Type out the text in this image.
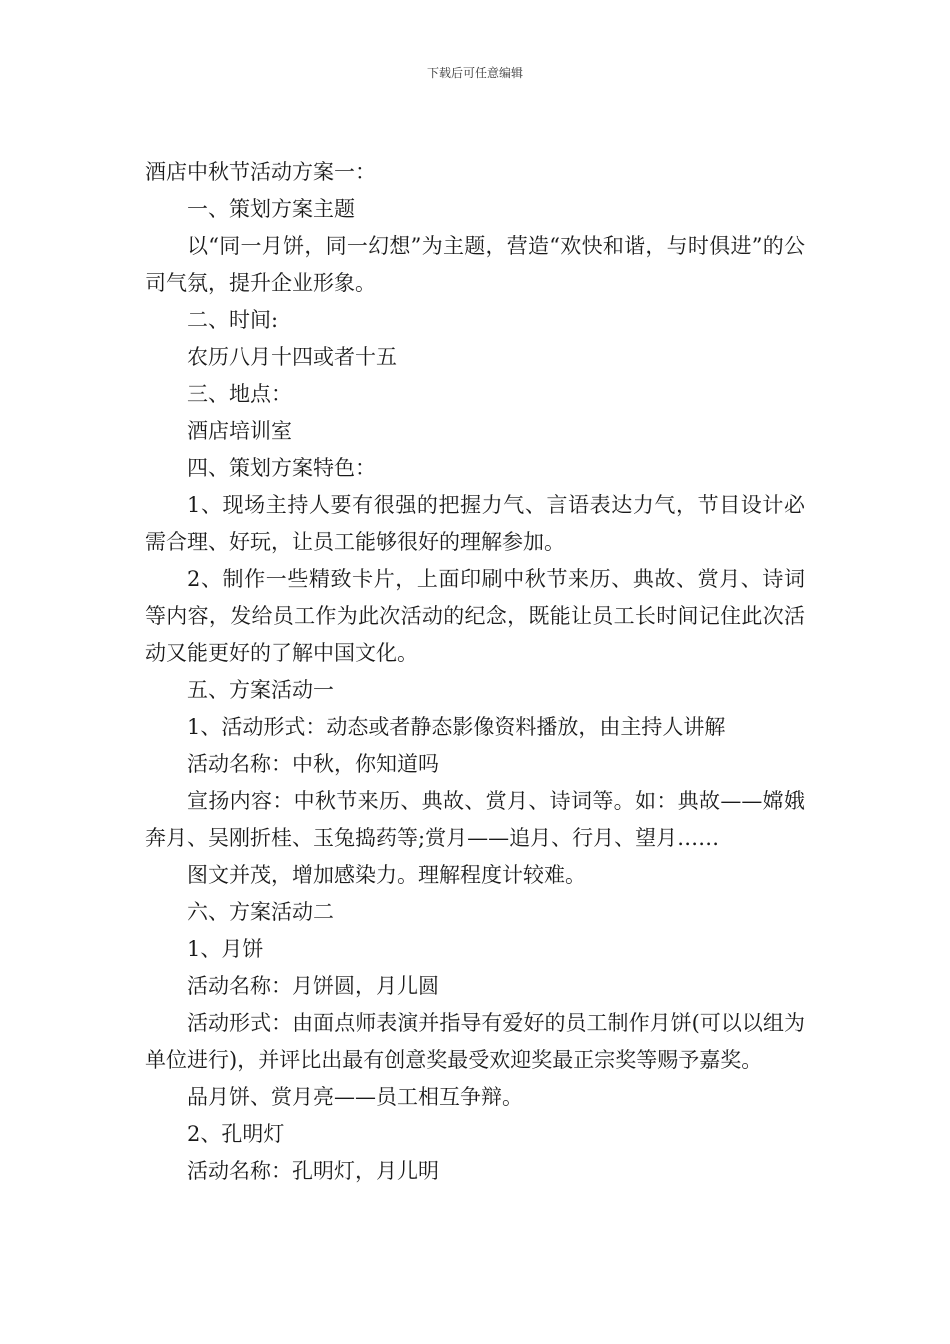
下载后可任意编辑

酒店中秋节活动方案一：

一、策划方案主题

以“同一月饼，同一幻想”为主题，营造“欢快和谐，与时俱进”的公司气氛，提升企业形象。

二、时间:

农历八月十四或者十五

三、地点：

酒店培训室

四、策划方案特色：

1、现场主持人要有很强的把握力气、言语表达力气，节目设计必需合理、好玩，让员工能够很好的理解参加。

2、制作一些精致卡片，上面印刷中秋节来历、典故、赏月、诗词等内容，发给员工作为此次活动的纪念，既能让员工长时间记住此次活动又能更好的了解中国文化。

五、方案活动一

1、活动形式：动态或者静态影像资料播放，由主持人讲解

活动名称：中秋，你知道吗

宣扬内容：中秋节来历、典故、赏月、诗词等。如：典故——嫦娥奔月、吴刚折桂、玉兔捣药等;赏月——追月、行月、望月……

图文并茂，增加感染力。理解程度计较难。

六、方案活动二

1、月饼

活动名称：月饼圆，月儿圆

活动形式：由面点师表演并指导有爱好的员工制作月饼(可以以组为单位进行)，并评比出最有创意奖最受欢迎奖最正宗奖等赐予嘉奖。

品月饼、赏月亮——员工相互争辩。

2、孔明灯

活动名称：孔明灯，月儿明
